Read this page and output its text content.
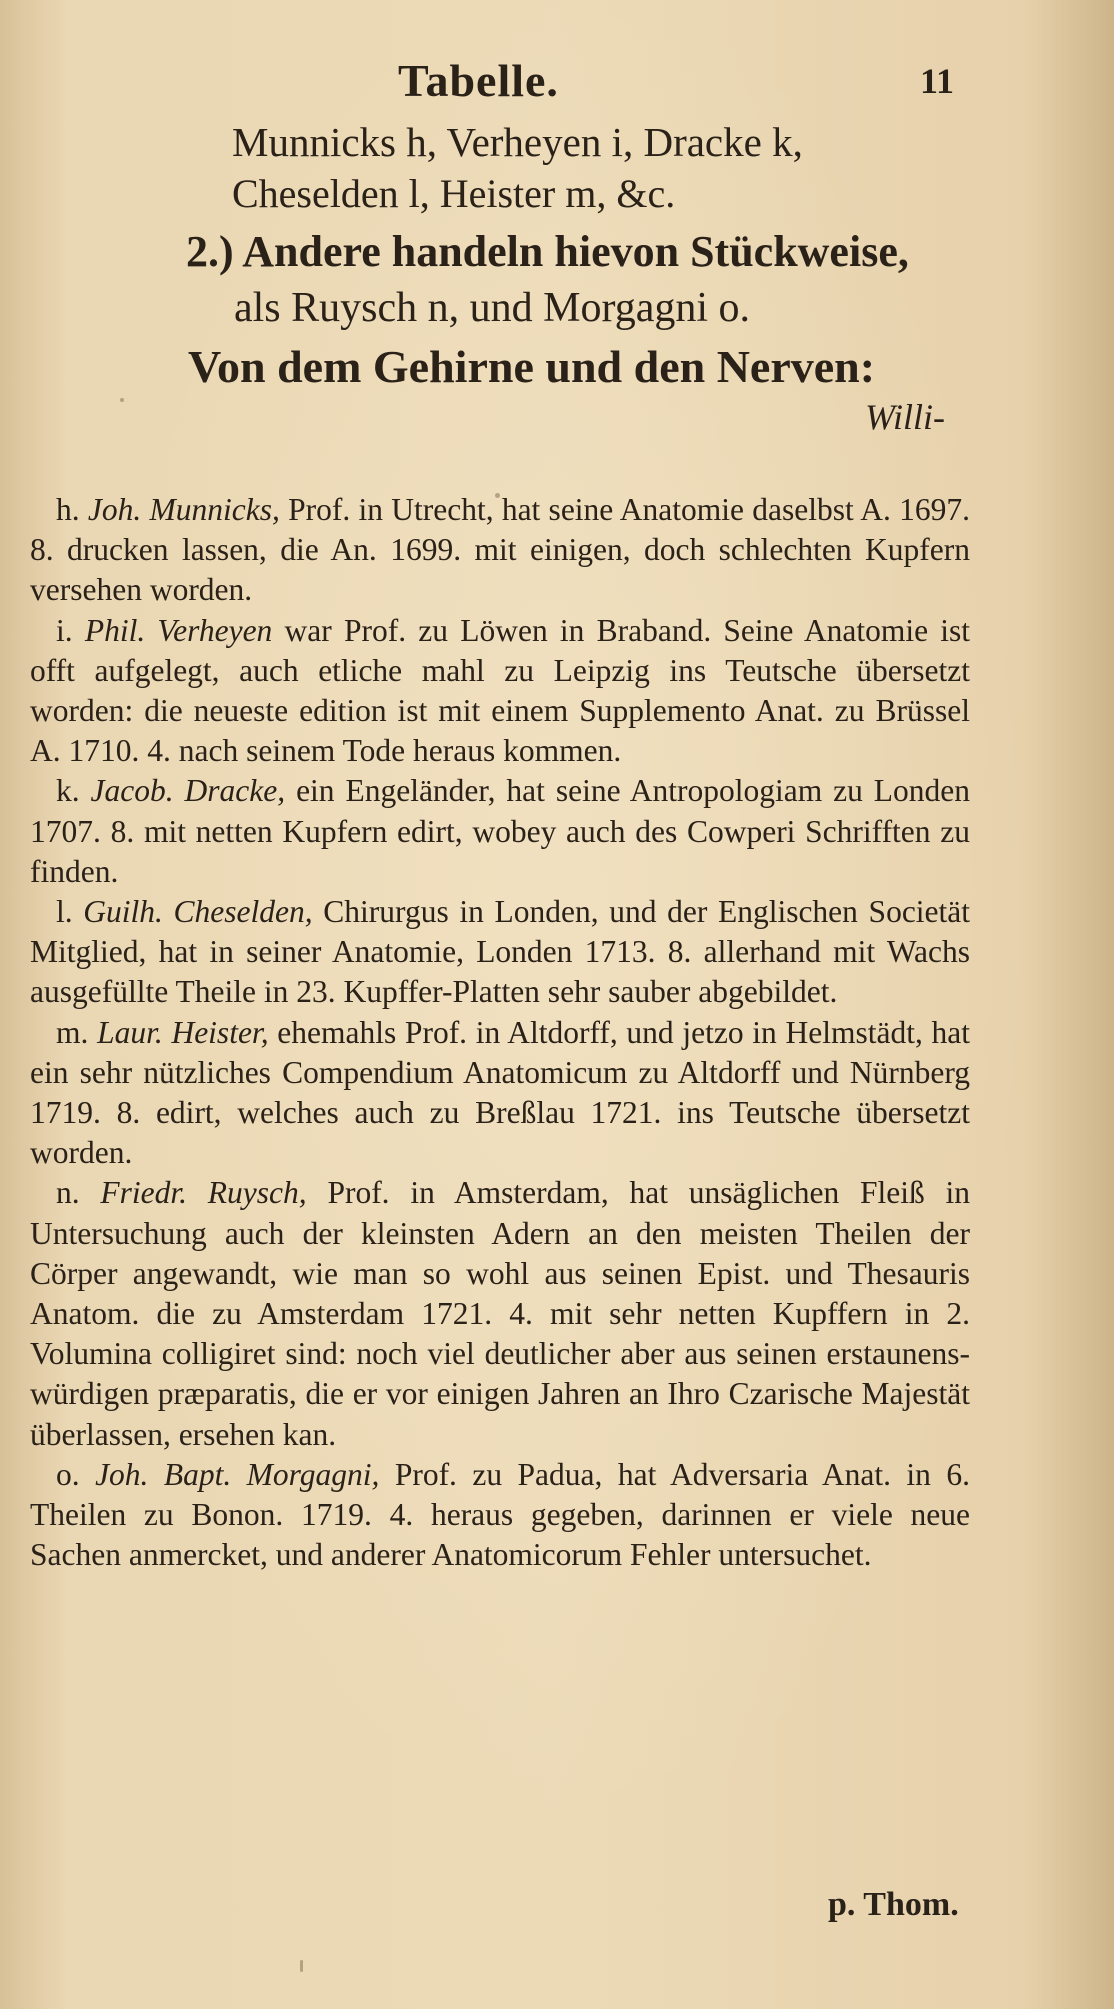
Tabelle.	11
Munnicks h, Verheyen i, Dracke k,
Cheselden l, Heister m, &c.
2.) Andere handeln hievon Stückweise,
als Ruysch n, und Morgagni o.
Von dem Gehirne und den Nerven:
Willi-

h. Joh. Munnicks, Prof. in Utrecht, hat seine Anatomie daselbst A. 1697. 8. drucken lassen, die An. 1699. mit einigen, doch schlechten Kupfern versehen worden.

i. Phil. Verheyen war Prof. zu Löwen in Braband. Seine Anatomie ist offt aufgelegt, auch etliche mahl zu Leipzig ins Teutsche übersetzt worden: die neueste edition ist mit einem Supplemento Anat. zu Brüssel A. 1710. 4. nach seinem Tode heraus kommen.

k. Jacob. Dracke, ein Engeländer, hat seine Antropologiam zu Londen 1707. 8. mit netten Kupfern edirt, wobey auch des Cowperi Schrifften zu finden.

l. Guilh. Cheselden, Chirurgus in Londen, und der Englischen Societät Mitglied, hat in seiner Anatomie, Londen 1713. 8. allerhand mit Wachs ausgefüllte Theile in 23. Kupffer-Platten sehr sauber abgebildet.

m. Laur. Heister, ehemahls Prof. in Altdorff, und jetzo in Helmstädt, hat ein sehr nützliches Compendium Anatomicum zu Altdorff und Nürnberg 1719. 8. edirt, welches auch zu Breßlau 1721. ins Teutsche übersetzt worden.

n. Friedr. Ruysch, Prof. in Amsterdam, hat unsäglichen Fleiß in Untersuchung auch der kleinsten Adern an den meisten Theilen der Cörper angewandt, wie man so wohl aus seinen Epist. und Thesauris Anatom. die zu Amsterdam 1721. 4. mit sehr netten Kupffern in 2. Volumina colligiret sind: noch viel deutlicher aber aus seinen erstaunens-würdigen præparatis, die er vor einigen Jahren an Ihro Czarische Majestät überlassen, ersehen kan.

o. Joh. Bapt. Morgagni, Prof. zu Padua, hat Adversaria Anat. in 6. Theilen zu Bonon. 1719. 4. heraus gegeben, darinnen er viele neue Sachen anmercket, und anderer Anatomicorum Fehler untersuchet.

p. Thom.
